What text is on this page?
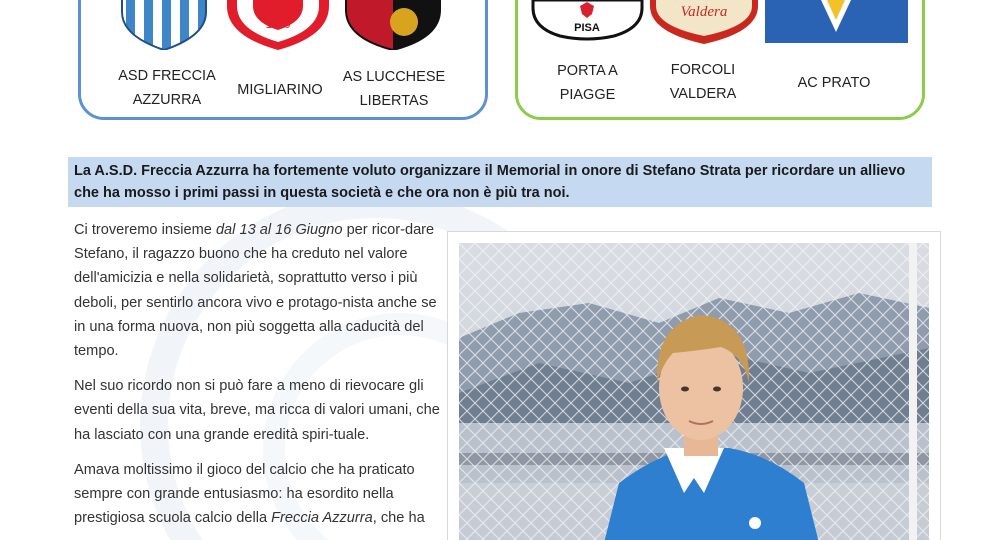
1976
ASD FRECCIA
AZZURRA
MIGLIARINO
AS LUCCHESE
LIBERTAS
PISA
Valdera
PORTA A
PIAGGE
FORCOLI
VALDERA
AC PRATO
La A.S.D. Freccia Azzurra ha fortemente voluto organizzare il Memorial in onore di Stefano Strata per ricordare un allievo che ha mosso i primi passi in questa società e che ora non è più tra noi.

Ci troveremo insieme dal 13 al 16 Giugno per ricor-dare Stefano, il ragazzo buono che ha creduto nel valore dell'amicizia e nella solidarietà, soprattutto verso i più deboli, per sentirlo ancora vivo e protago-nista anche se in una forma nuova, non più soggetta alla caducità del tempo.

Nel suo ricordo non si può fare a meno di rievocare gli eventi della sua vita, breve, ma ricca di valori umani, che ha lasciato con una grande eredità spiri-tuale.

Amava moltissimo il gioco del calcio che ha praticato sempre con grande entusiasmo: ha esordito nella prestigiosa scuola calcio della Freccia Azzurra, che ha
